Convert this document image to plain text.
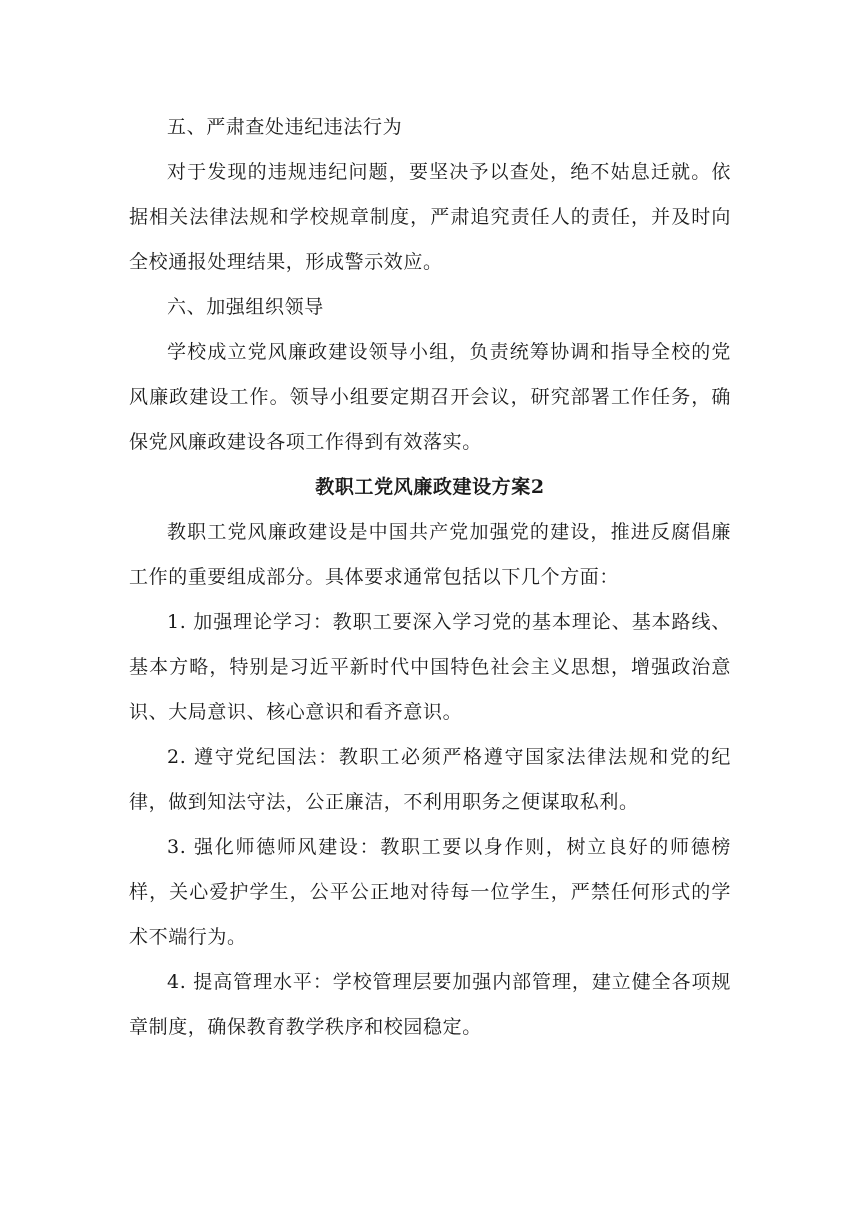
五、严肃查处违纪违法行为

对于发现的违规违纪问题，要坚决予以查处，绝不姑息迁就。依据相关法律法规和学校规章制度，严肃追究责任人的责任，并及时向全校通报处理结果，形成警示效应。

六、加强组织领导

学校成立党风廉政建设领导小组，负责统筹协调和指导全校的党风廉政建设工作。领导小组要定期召开会议，研究部署工作任务，确保党风廉政建设各项工作得到有效落实。

教职工党风廉政建设方案2

教职工党风廉政建设是中国共产党加强党的建设，推进反腐倡廉工作的重要组成部分。具体要求通常包括以下几个方面：

1. 加强理论学习：教职工要深入学习党的基本理论、基本路线、基本方略，特别是习近平新时代中国特色社会主义思想，增强政治意识、大局意识、核心意识和看齐意识。

2. 遵守党纪国法：教职工必须严格遵守国家法律法规和党的纪律，做到知法守法，公正廉洁，不利用职务之便谋取私利。

3. 强化师德师风建设：教职工要以身作则，树立良好的师德榜样，关心爱护学生，公平公正地对待每一位学生，严禁任何形式的学术不端行为。

4. 提高管理水平：学校管理层要加强内部管理，建立健全各项规章制度，确保教育教学秩序和校园稳定。
